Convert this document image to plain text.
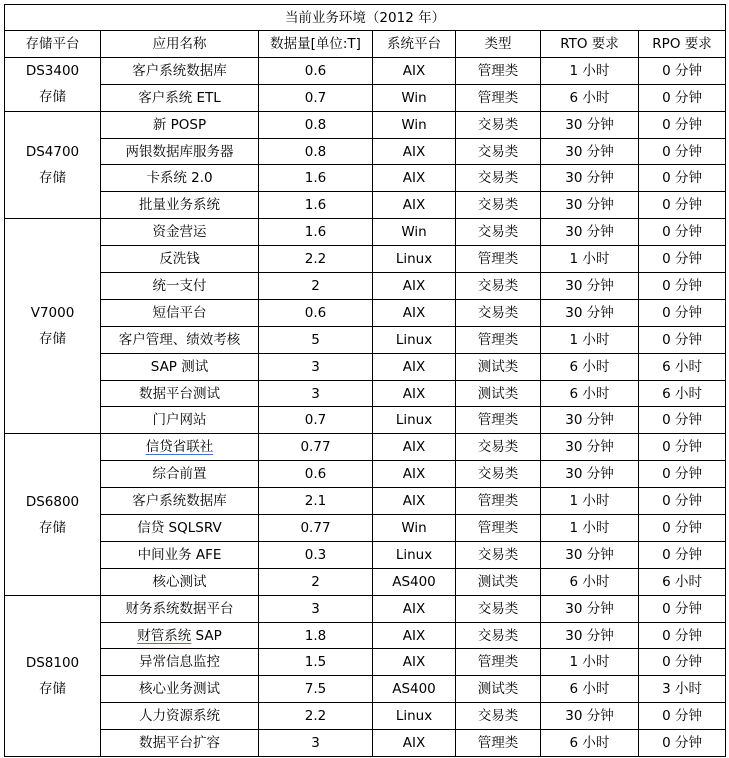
当前业务环境（2012 年）						
存储平台	应用名称	数据量[单位:T]	系统平台	类型	RTO 要求	RPO 要求

DS3400
存储	客户系统数据库	0.6	AIX	管理类	1 小时	0 分钟
	客户系统 ETL	0.7	Win	管理类	6 小时	0 分钟

DS4700
存储	新 POSP	0.8	Win	交易类	30 分钟	0 分钟
	两银数据库服务器	0.8	AIX	交易类	30 分钟	0 分钟
	卡系统 2.0	1.6	AIX	交易类	30 分钟	0 分钟
	批量业务系统	1.6	AIX	交易类	30 分钟	0 分钟

V7000
存储	资金营运	1.6	Win	交易类	30 分钟	0 分钟
	反洗钱	2.2	Linux	管理类	1 小时	0 分钟
	统一支付	2	AIX	交易类	30 分钟	0 分钟
	短信平台	0.6	AIX	交易类	30 分钟	0 分钟
	客户管理、绩效考核	5	Linux	管理类	1 小时	0 分钟
	SAP 测试	3	AIX	测试类	6 小时	6 小时
	数据平台测试	3	AIX	测试类	6 小时	6 小时
	门户网站	0.7	Linux	管理类	30 分钟	0 分钟

DS6800
存储	信贷省联社	0.77	AIX	交易类	30 分钟	0 分钟
	综合前置	0.6	AIX	交易类	30 分钟	0 分钟
	客户系统数据库	2.1	AIX	管理类	1 小时	0 分钟
	信贷 SQLSRV	0.77	Win	管理类	1 小时	0 分钟
	中间业务 AFE	0.3	Linux	交易类	30 分钟	0 分钟
	核心测试	2	AS400	测试类	6 小时	6 小时

DS8100
存储	财务系统数据平台	3	AIX	交易类	30 分钟	0 分钟
	财管系统 SAP	1.8	AIX	交易类	30 分钟	0 分钟
	异常信息监控	1.5	AIX	管理类	1 小时	0 分钟
	核心业务测试	7.5	AS400	测试类	6 小时	3 小时
	人力资源系统	2.2	Linux	交易类	30 分钟	0 分钟
	数据平台扩容	3	AIX	管理类	6 小时	0 分钟
